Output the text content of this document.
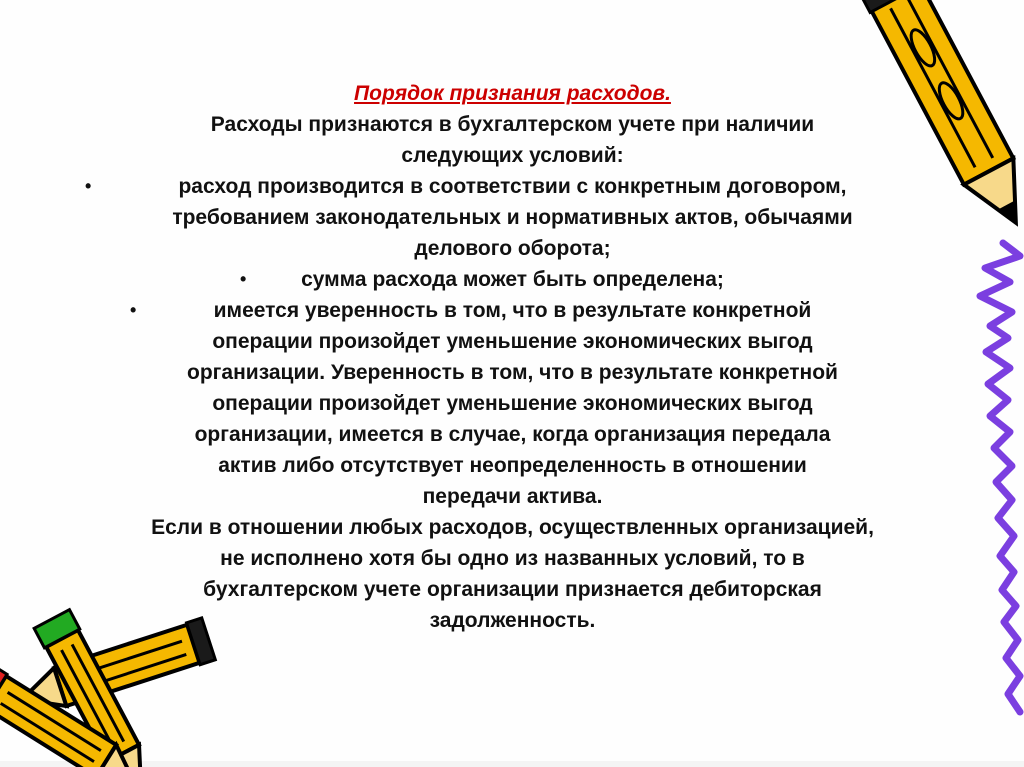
Порядок признания расходов.
Расходы признаются в бухгалтерском учете при наличии
следующих условий:
•	расход производится в соответствии с конкретным договором,
требованием законодательных и нормативных актов, обычаями
делового оборота;
•	сумма расхода может быть определена;
•	имеется уверенность в том, что в результате конкретной
операции произойдет уменьшение экономических выгод
организации. Уверенность в том, что в результате конкретной
операции произойдет уменьшение экономических выгод
организации, имеется в случае, когда организация передала
актив либо отсутствует неопределенность в отношении
передачи актива.
Если в отношении любых расходов, осуществленных организацией,
не исполнено хотя бы одно из названных условий, то в
бухгалтерском учете организации признается дебиторская
задолженность.
